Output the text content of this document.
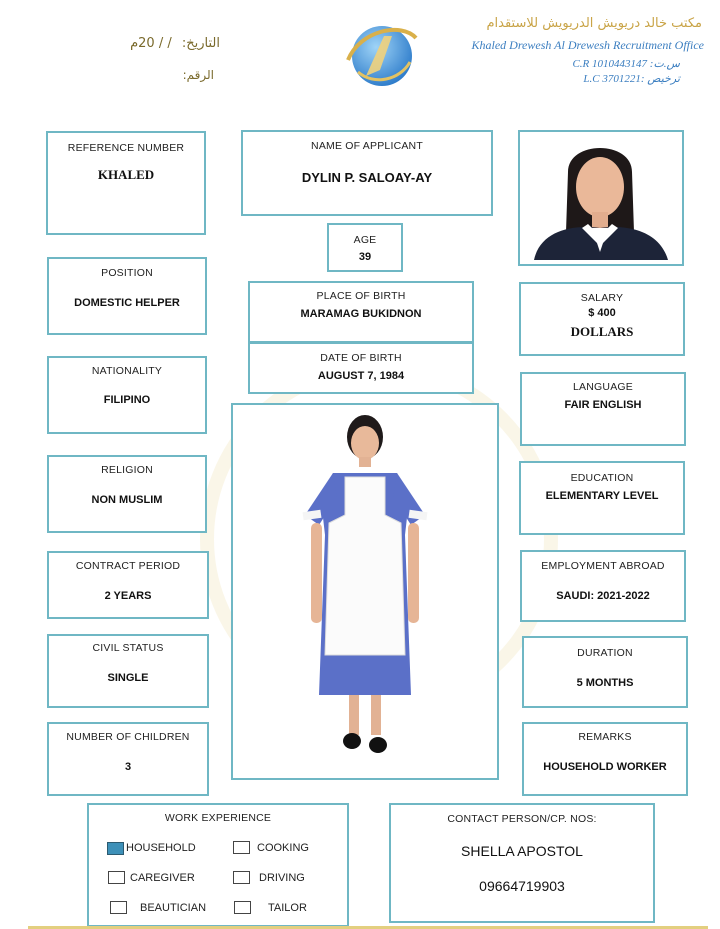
التاريخ: / / 20م
الرقم:
مكتب خالد دريويش الدريويش للاستقدام
Khaled Drewesh Al Drewesh Recruitment Office
C.R 1010443147 :س.ت
L.C 3701221: ترخيص
REFERENCE NUMBER
KHALED
POSITION
DOMESTIC HELPER
NATIONALITY
FILIPINO
RELIGION
NON MUSLIM
CONTRACT PERIOD
2 YEARS
CIVIL STATUS
SINGLE
NUMBER OF CHILDREN
3
NAME OF APPLICANT
DYLIN P. SALOAY-AY
AGE
39
PLACE OF BIRTH
MARAMAG BUKIDNON
DATE OF BIRTH
AUGUST 7, 1984
SALARY
$ 400
DOLLARS
LANGUAGE
FAIR ENGLISH
EDUCATION
ELEMENTARY LEVEL
EMPLOYMENT ABROAD
SAUDI: 2021-2022
DURATION
5 MONTHS
REMARKS
HOUSEHOLD WORKER
WORK EXPERIENCE
HOUSEHOLD	COOKING
CAREGIVER	DRIVING
BEAUTICIAN	TAILOR
CONTACT PERSON/CP. NOS:
SHELLA APOSTOL
09664719903
